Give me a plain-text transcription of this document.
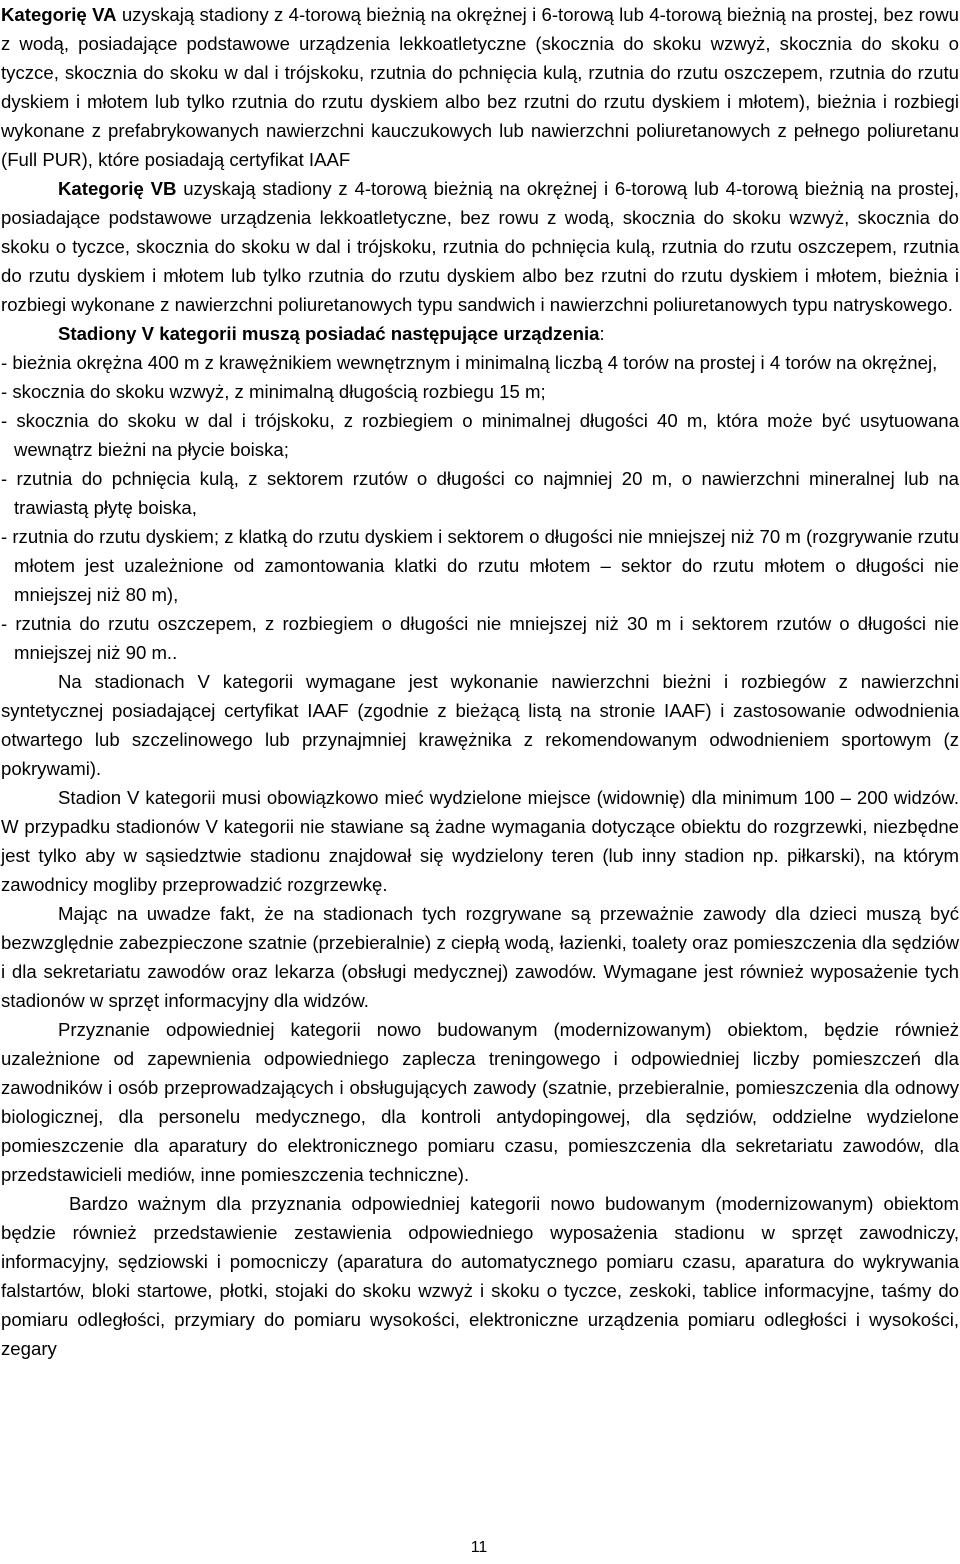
Kategorię VA uzyskają stadiony z 4-torową bieżnią na okrężnej i 6-torową lub 4-torową bieżnią na prostej, bez rowu z wodą, posiadające podstawowe urządzenia lekkoatletyczne (skocznia do skoku wzwyż, skocznia do skoku o tyczce, skocznia do skoku w dal i trójskoku, rzutnia do pchnięcia kulą, rzutnia do rzutu oszczepem, rzutnia do rzutu dyskiem i młotem lub tylko rzutnia do rzutu dyskiem albo bez rzutni do rzutu dyskiem i młotem), bieżnia i rozbiegi wykonane z prefabrykowanych nawierzchni kauczukowych lub nawierzchni poliuretanowych z pełnego poliuretanu (Full PUR), które posiadają certyfikat IAAF

Kategorię VB uzyskają stadiony z 4-torową bieżnią na okrężnej i 6-torową lub 4-torową bieżnią na prostej, posiadające podstawowe urządzenia lekkoatletyczne, bez rowu z wodą, skocznia do skoku wzwyż, skocznia do skoku o tyczce, skocznia do skoku w dal i trójskoku, rzutnia do pchnięcia kulą, rzutnia do rzutu oszczepem, rzutnia do rzutu dyskiem i młotem lub tylko rzutnia do rzutu dyskiem albo bez rzutni do rzutu dyskiem i młotem, bieżnia i rozbiegi wykonane z nawierzchni poliuretanowych typu sandwich i nawierzchni poliuretanowych typu natryskowego.

Stadiony V kategorii muszą posiadać następujące urządzenia:

- bieżnia okrężna 400 m z krawężnikiem wewnętrznym i minimalną liczbą 4 torów na prostej i 4 torów na okrężnej,

- skocznia do skoku wzwyż, z minimalną długością rozbiegu 15 m;

- skocznia do skoku w dal i trójskoku, z rozbiegiem o minimalnej długości 40 m, która może być usytuowana wewnątrz bieżni na płycie boiska;

- rzutnia do pchnięcia kulą, z sektorem rzutów o długości co najmniej 20 m, o nawierzchni mineralnej lub na trawiastą płytę boiska,

- rzutnia do rzutu dyskiem; z klatką do rzutu dyskiem i sektorem o długości nie mniejszej niż 70 m (rozgrywanie rzutu młotem jest uzależnione od zamontowania klatki do rzutu młotem – sektor do rzutu młotem o długości nie mniejszej niż 80 m),

- rzutnia do rzutu oszczepem, z rozbiegiem o długości nie mniejszej niż 30 m i sektorem rzutów o długości nie mniejszej niż 90 m..

Na stadionach V kategorii wymagane jest wykonanie nawierzchni bieżni i rozbiegów z nawierzchni syntetycznej posiadającej certyfikat IAAF (zgodnie z bieżącą listą na stronie IAAF) i zastosowanie odwodnienia otwartego lub szczelinowego lub przynajmniej krawężnika z rekomendowanym odwodnieniem sportowym (z pokrywami).

Stadion V kategorii musi obowiązkowo mieć wydzielone miejsce (widownię) dla minimum 100 – 200 widzów. W przypadku stadionów V kategorii nie stawiane są żadne wymagania dotyczące obiektu do rozgrzewki, niezbędne jest tylko aby w sąsiedztwie stadionu znajdował się wydzielony teren (lub inny stadion np. piłkarski), na którym zawodnicy mogliby przeprowadzić rozgrzewkę.

Mając na uwadze fakt, że na stadionach tych rozgrywane są przeważnie zawody dla dzieci muszą być bezwzględnie zabezpieczone szatnie (przebieralnie) z ciepłą wodą, łazienki, toalety oraz pomieszczenia dla sędziów i dla sekretariatu zawodów oraz lekarza (obsługi medycznej) zawodów. Wymagane jest również wyposażenie tych stadionów w sprzęt informacyjny dla widzów.

Przyznanie odpowiedniej kategorii nowo budowanym (modernizowanym) obiektom, będzie również uzależnione od zapewnienia odpowiedniego zaplecza treningowego i odpowiedniej liczby pomieszczeń dla zawodników i osób przeprowadzających i obsługujących zawody (szatnie, przebieralnie, pomieszczenia dla odnowy biologicznej, dla personelu medycznego, dla kontroli antydopingowej, dla sędziów, oddzielne wydzielone pomieszczenie dla aparatury do elektronicznego pomiaru czasu, pomieszczenia dla sekretariatu zawodów, dla przedstawicieli mediów, inne pomieszczenia techniczne).

Bardzo ważnym dla przyznania odpowiedniej kategorii nowo budowanym (modernizowanym) obiektom będzie również przedstawienie zestawienia odpowiedniego wyposażenia stadionu w sprzęt zawodniczy, informacyjny, sędziowski i pomocniczy (aparatura do automatycznego pomiaru czasu, aparatura do wykrywania falstartów, bloki startowe, płotki, stojaki do skoku wzwyż i skoku o tyczce, zeskoki, tablice informacyjne, taśmy do pomiaru odległości, przymiary do pomiaru wysokości, elektroniczne urządzenia pomiaru odległości i wysokości, zegary

11
